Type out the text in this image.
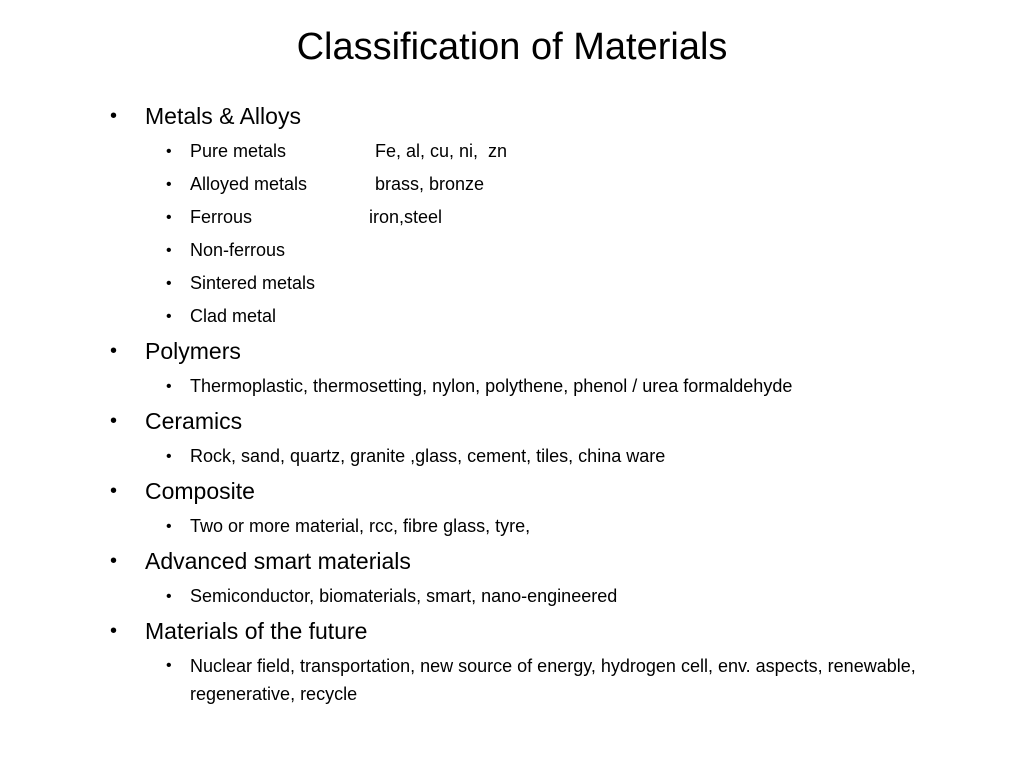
Classification of Materials
• Metals & Alloys
• Pure metals	Fe, al, cu, ni,  zn
• Alloyed metals	brass, bronze
• Ferrous	iron,steel
• Non-ferrous
• Sintered metals
• Clad metal
• Polymers
• Thermoplastic, thermosetting, nylon, polythene, phenol / urea formaldehyde
• Ceramics
• Rock, sand, quartz, granite ,glass, cement, tiles, china ware
• Composite
• Two or more material, rcc, fibre glass, tyre,
• Advanced smart materials
• Semiconductor, biomaterials, smart, nano-engineered
• Materials of the future
• Nuclear field, transportation, new source of energy, hydrogen cell, env. aspects, renewable, regenerative, recycle
